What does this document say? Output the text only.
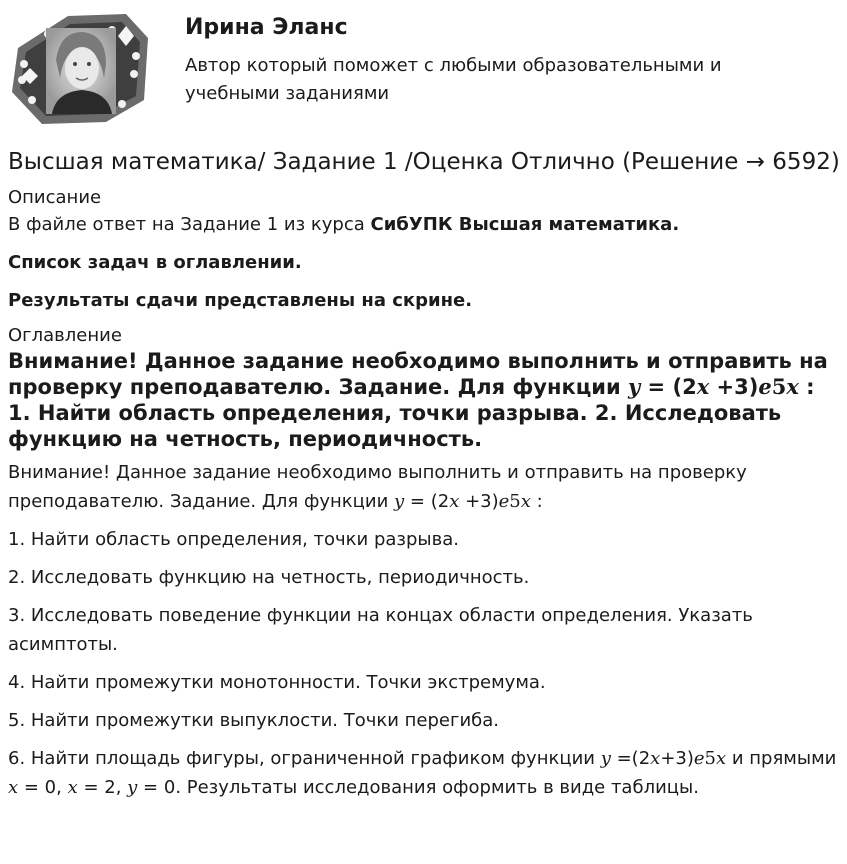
Ирина Эланс

Автор который поможет с любыми образовательными и учебными заданиями

Высшая математика/ Задание 1 /Оценка Отлично (Решение → 6592)
Описание

В файле ответ на Задание 1 из курса СибУПК Высшая математика.

Список задач в оглавлении.

Результаты сдачи представлены на скрине.

Оглавление
Внимание! Данное задание необходимо выполнить и отправить на проверку преподавателю. Задание. Для функции y = (2x +3)e5x : 1. Найти область определения, точки разрыва. 2. Исследовать функцию на четность, периодичность.

Внимание! Данное задание необходимо выполнить и отправить на проверку преподавателю. Задание. Для функции y = (2x +3)e5x :

1. Найти область определения, точки разрыва.

2. Исследовать функцию на четность, периодичность.

3. Исследовать поведение функции на концах области определения. Указать асимптоты.

4. Найти промежутки монотонности. Точки экстремума.

5. Найти промежутки выпуклости. Точки перегиба.

6. Найти площадь фигуры, ограниченной графиком функции y =(2x+3)e5x и прямыми x = 0, x = 2, y = 0. Результаты исследования оформить в виде таблицы.
